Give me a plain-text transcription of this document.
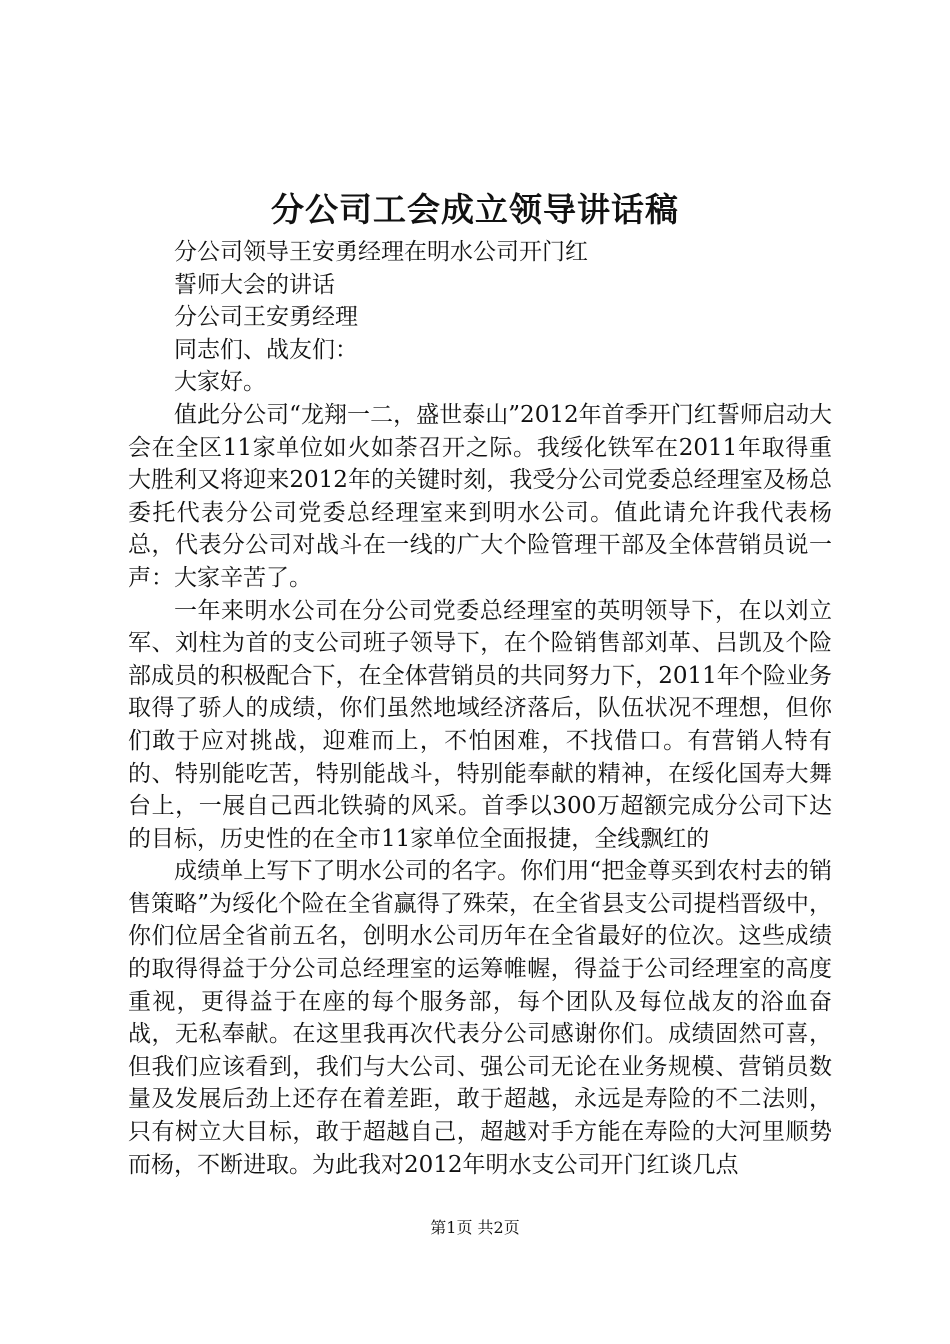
分公司工会成立领导讲话稿

分公司领导王安勇经理在明水公司开门红

誓师大会的讲话

分公司王安勇经理

同志们、战友们：

大家好。

值此分公司“龙翔一二，盛世泰山”2012年首季开门红誓师启动大会在全区11家单位如火如荼召开之际。我绥化铁军在2011年取得重大胜利又将迎来2012年的关键时刻，我受分公司党委总经理室及杨总委托代表分公司党委总经理室来到明水公司。值此请允许我代表杨总，代表分公司对战斗在一线的广大个险管理干部及全体营销员说一声：大家辛苦了。

一年来明水公司在分公司党委总经理室的英明领导下，在以刘立军、刘柱为首的支公司班子领导下，在个险销售部刘革、吕凯及个险部成员的积极配合下，在全体营销员的共同努力下，2011年个险业务取得了骄人的成绩，你们虽然地域经济落后，队伍状况不理想，但你们敢于应对挑战，迎难而上，不怕困难，不找借口。有营销人特有的、特别能吃苦，特别能战斗，特别能奉献的精神，在绥化国寿大舞台上，一展自己西北铁骑的风采。首季以300万超额完成分公司下达的目标，历史性的在全市11家单位全面报捷，全线飘红的

成绩单上写下了明水公司的名字。你们用“把金尊买到农村去的销售策略”为绥化个险在全省赢得了殊荣，在全省县支公司提档晋级中，你们位居全省前五名，创明水公司历年在全省最好的位次。这些成绩的取得得益于分公司总经理室的运筹帷幄，得益于公司经理室的高度重视，更得益于在座的每个服务部，每个团队及每位战友的浴血奋战，无私奉献。在这里我再次代表分公司感谢你们。成绩固然可喜，但我们应该看到，我们与大公司、强公司无论在业务规模、营销员数量及发展后劲上还存在着差距，敢于超越，永远是寿险的不二法则，只有树立大目标，敢于超越自己，超越对手方能在寿险的大河里顺势而杨，不断进取。为此我对2012年明水支公司开门红谈几点

第1页 共2页
